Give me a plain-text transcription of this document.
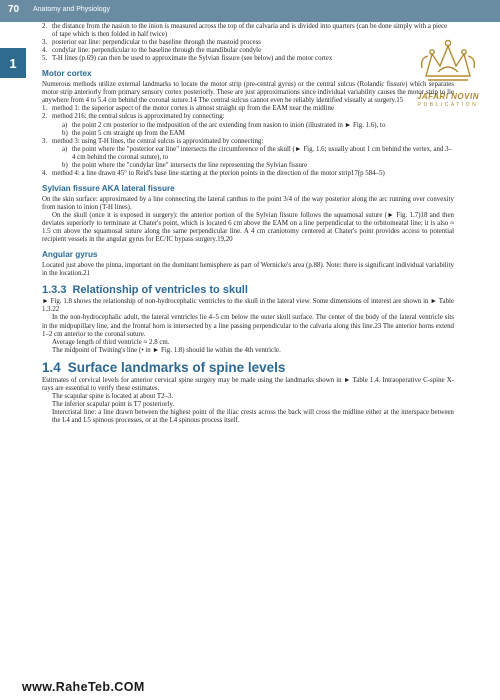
70 Anatomy and Physiology
1
JAFARI NOVIN
PUBLICATION
2. the distance from the nasion to the inion is measured across the top of the calvaria and is divided into quarters (can be done simply with a piece of tape which is then folded in half twice)
3. posterior ear line: perpendicular to the baseline through the mastoid process
4. condylar line: perpendicular to the baseline through the mandibular condyle
5. T-H lines (p.69) can then be used to approximate the Sylvian fissure (see below) and the motor cortex
Motor cortex

Numerous methods utilize external landmarks to locate the motor strip (pre-central gyrus) or the central sulcus (Rolandic fissure) which separates motor strip anteriorly from primary sensory cortex posteriorly. These are just approximations since individual variability causes the motor strip to lie anywhere from 4 to 5.4 cm behind the coronal suture.14 The central sulcus cannot even be reliably identified visually at surgery.15

1. method 1: the superior aspect of the motor cortex is almost straight up from the EAM near the midline
2. method 216: the central sulcus is approximated by connecting:
a) the point 2 cm posterior to the midposition of the arc extending from nasion to inion (illustrated in ► Fig. 1.6), to
b) the point 5 cm straight up from the EAM
3. method 3: using T-H lines, the central sulcus is approximated by connecting:
a) the point where the "posterior ear line" intersects the circumference of the skull (► Fig. 1.6; usually about 1 cm behind the vertex, and 3–4 cm behind the coronal suture), to
b) the point where the "condylar line" intersects the line representing the Sylvian fissure
4. method 4: a line drawn 45° to Reid's base line starting at the pterion points in the direction of the motor strip17(p 584–5)
Sylvian fissure AKA lateral fissure

On the skin surface: approximated by a line connecting the lateral canthus to the point 3/4 of the way posterior along the arc running over convexity from nasion to inion (T-H lines).

On the skull (once it is exposed in surgery): the anterior portion of the Sylvian fissure follows the squamosal suture (► Fig. 1.7)18 and then deviates superiorly to terminate at Chater's point, which is located 6 cm above the EAM on a line perpendicular to the orbitomeatal line; it is also ≈ 1.5 cm above the squamosal suture along the same perpendicular line. A 4 cm craniotomy centered at Chater's point provides access to potential recipient vessels in the angular gyrus for EC/IC bypass surgery.19,20

Angular gyrus

Located just above the pinna, important on the dominant hemisphere as part of Wernicke's area (p.88). Note: there is significant individual variability in the location.21

1.3.3 Relationship of ventricles to skull

► Fig. 1.8 shows the relationship of non-hydrocephalic ventricles to the skull in the lateral view. Some dimensions of interest are shown in ► Table 1.3.22

In the non-hydrocephalic adult, the lateral ventricles lie 4–5 cm below the outer skull surface. The center of the body of the lateral ventricle sits in the midpupillary line, and the frontal horn is intersected by a line passing perpendicular to the calvaria along this line.23 The anterior horns extend 1–2 cm anterior to the coronal suture.

Average length of third ventricle ≈ 2.8 cm.

The midpoint of Twining's line (• in ► Fig. 1.8) should lie within the 4th ventricle.

1.4 Surface landmarks of spine levels

Estimates of cervical levels for anterior cervical spine surgery may be made using the landmarks shown in ► Table 1.4. Intraoperative C-spine X-rays are essential to verify these estimates.

The scapular spine is located at about T2–3.

The inferior scapular point is T7 posteriorly.

Intercristal line: a line drawn between the highest point of the iliac crests across the back will cross the midline either at the interspace between the L4 and L5 spinous processes, or at the L4 spinous process itself.

www.RaheTeb.COM
